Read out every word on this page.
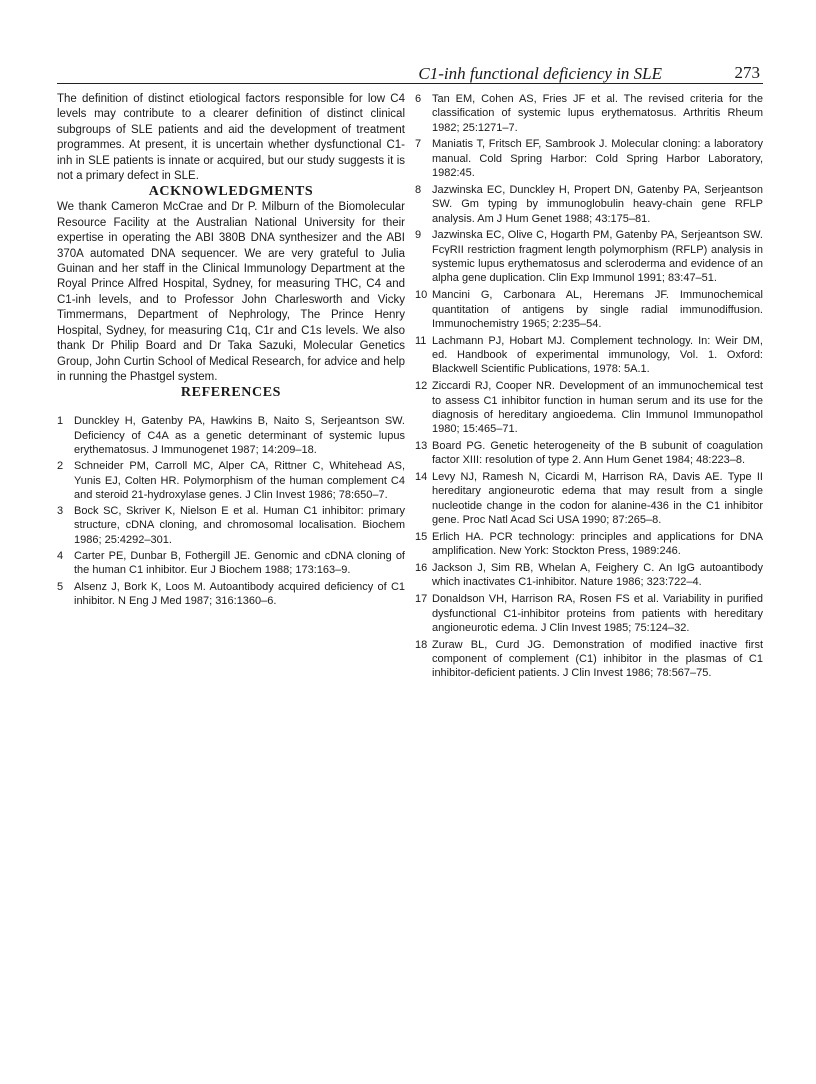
C1-inh functional deficiency in SLE	273

The definition of distinct etiological factors responsible for low C4 levels may contribute to a clearer definition of distinct clinical subgroups of SLE patients and aid the development of treatment programmes. At present, it is uncertain whether dysfunctional C1-inh in SLE patients is innate or acquired, but our study suggests it is not a primary defect in SLE.

ACKNOWLEDGMENTS

We thank Cameron McCrae and Dr P. Milburn of the Biomolecular Resource Facility at the Australian National University for their expertise in operating the ABI 380B DNA synthesizer and the ABI 370A automated DNA sequencer. We are very grateful to Julia Guinan and her staff in the Clinical Immunology Department at the Royal Prince Alfred Hospital, Sydney, for measuring THC, C4 and C1-inh levels, and to Professor John Charlesworth and Vicky Timmermans, Department of Nephrology, The Prince Henry Hospital, Sydney, for measuring C1q, C1r and C1s levels. We also thank Dr Philip Board and Dr Taka Sazuki, Molecular Genetics Group, John Curtin School of Medical Research, for advice and help in running the Phastgel system.

REFERENCES
1 Dunckley H, Gatenby PA, Hawkins B, Naito S, Serjeantson SW. Deficiency of C4A as a genetic determinant of systemic lupus erythematosus. J Immunogenet 1987; 14:209–18.
2 Schneider PM, Carroll MC, Alper CA, Rittner C, Whitehead AS, Yunis EJ, Colten HR. Polymorphism of the human complement C4 and steroid 21-hydroxylase genes. J Clin Invest 1986; 78:650–7.
3 Bock SC, Skriver K, Nielson E et al. Human C1 inhibitor: primary structure, cDNA cloning, and chromosomal localisation. Biochem 1986; 25:4292–301.
4 Carter PE, Dunbar B, Fothergill JE. Genomic and cDNA cloning of the human C1 inhibitor. Eur J Biochem 1988; 173:163–9.
5 Alsenz J, Bork K, Loos M. Autoantibody acquired deficiency of C1 inhibitor. N Eng J Med 1987; 316:1360–6.
6 Tan EM, Cohen AS, Fries JF et al. The revised criteria for the classification of systemic lupus erythematosus. Arthritis Rheum 1982; 25:1271–7.
7 Maniatis T, Fritsch EF, Sambrook J. Molecular cloning: a laboratory manual. Cold Spring Harbor: Cold Spring Harbor Laboratory, 1982:45.
8 Jazwinska EC, Dunckley H, Propert DN, Gatenby PA, Serjeantson SW. Gm typing by immunoglobulin heavy-chain gene RFLP analysis. Am J Hum Genet 1988; 43:175–81.
9 Jazwinska EC, Olive C, Hogarth PM, Gatenby PA, Serjeantson SW. FcγRII restriction fragment length polymorphism (RFLP) analysis in systemic lupus erythematosus and scleroderma and evidence of an alpha gene duplication. Clin Exp Immunol 1991; 83:47–51.
10 Mancini G, Carbonara AL, Heremans JF. Immunochemical quantitation of antigens by single radial immunodiffusion. Immunochemistry 1965; 2:235–54.
11 Lachmann PJ, Hobart MJ. Complement technology. In: Weir DM, ed. Handbook of experimental immunology, Vol. 1. Oxford: Blackwell Scientific Publications, 1978: 5A.1.
12 Ziccardi RJ, Cooper NR. Development of an immunochemical test to assess C1 inhibitor function in human serum and its use for the diagnosis of hereditary angioedema. Clin Immunol Immunopathol 1980; 15:465–71.
13 Board PG. Genetic heterogeneity of the B subunit of coagulation factor XIII: resolution of type 2. Ann Hum Genet 1984; 48:223–8.
14 Levy NJ, Ramesh N, Cicardi M, Harrison RA, Davis AE. Type II hereditary angioneurotic edema that may result from a single nucleotide change in the codon for alanine-436 in the C1 inhibitor gene. Proc Natl Acad Sci USA 1990; 87:265–8.
15 Erlich HA. PCR technology: principles and applications for DNA amplification. New York: Stockton Press, 1989:246.
16 Jackson J, Sim RB, Whelan A, Feighery C. An IgG autoantibody which inactivates C1-inhibitor. Nature 1986; 323:722–4.
17 Donaldson VH, Harrison RA, Rosen FS et al. Variability in purified dysfunctional C1-inhibitor proteins from patients with hereditary angioneurotic edema. J Clin Invest 1985; 75:124–32.
18 Zuraw BL, Curd JG. Demonstration of modified inactive first component of complement (C1) inhibitor in the plasmas of C1 inhibitor-deficient patients. J Clin Invest 1986; 78:567–75.
